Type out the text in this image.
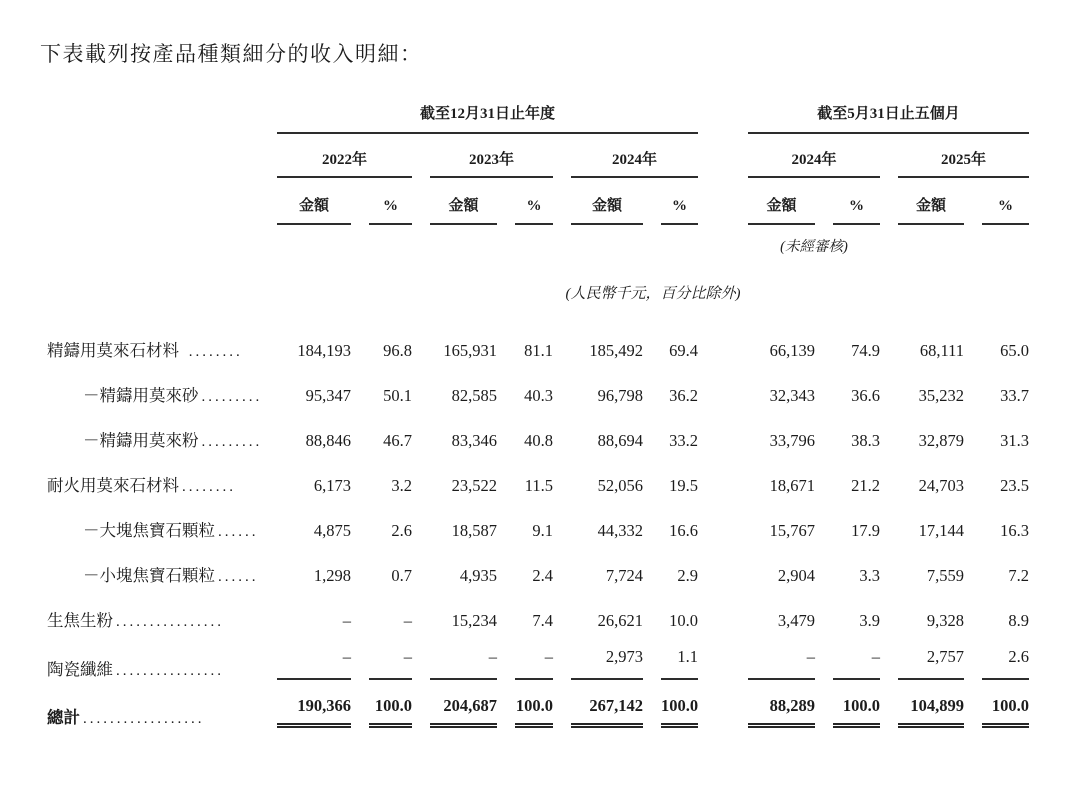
下表載列按產品種類細分的收入明細：

	截至12月31日止年度							截至5月31日止五個月			

	2022年		2023年		2024年			2024年		2025年	

	金額	%	金額	%	金額	%		金額	%	金額	%

								(未經審核)			
	(人民幣千元，百分比除外)										
精鑄用莫來石材料 ........	184,193	96.8	165,931	81.1	185,492	69.4		66,139	74.9	68,111	65.0

－精鑄用莫來砂 .........	95,347	50.1	82,585	40.3	96,798	36.2		32,343	36.6	35,232	33.7

－精鑄用莫來粉 .........	88,846	46.7	83,346	40.8	88,694	33.2		33,796	38.3	32,879	31.3

耐火用莫來石材料 ........	6,173	3.2	23,522	11.5	52,056	19.5		18,671	21.2	24,703	23.5

－大塊焦寶石顆粒 ......	4,875	2.6	18,587	9.1	44,332	16.6		15,767	17.9	17,144	16.3

－小塊焦寶石顆粒 ......	1,298	0.7	4,935	2.4	7,724	2.9		2,904	3.3	7,559	7.2

生焦生粉 ................	–	–	15,234	7.4	26,621	10.0		3,479	3.9	9,328	8.9

陶瓷纖維 ................	–	–	–	–	2,973	1.1		–	–	2,757	2.6

總計 ..................	190,366	100.0	204,687	100.0	267,142	100.0		88,289	100.0	104,899	100.0
